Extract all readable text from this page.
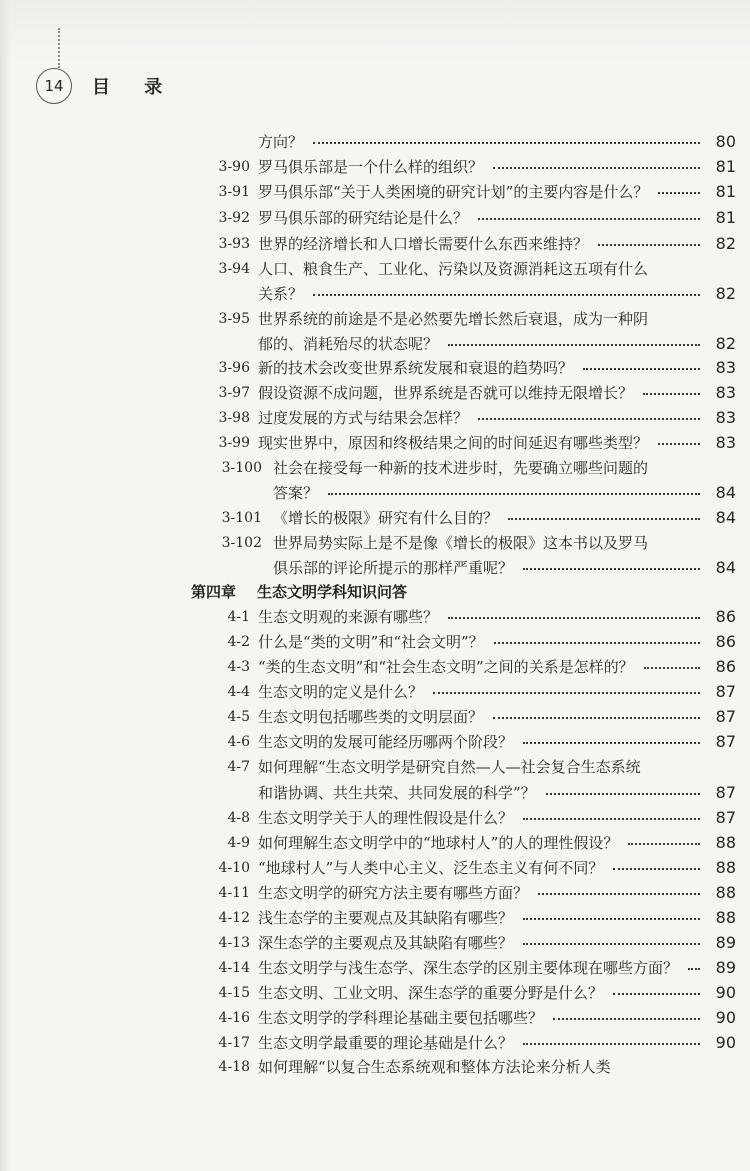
14 目 录
方向？	80
3-90 罗马俱乐部是一个什么样的组织？	81
3-91 罗马俱乐部“关于人类困境的研究计划”的主要内容是什么？	81
3-92 罗马俱乐部的研究结论是什么？	81
3-93 世界的经济增长和人口增长需要什么东西来维持？	82
3-94 人口、粮食生产、工业化、污染以及资源消耗这五项有什么
关系？	82
3-95 世界系统的前途是不是必然要先增长然后衰退，成为一种阴
郁的、消耗殆尽的状态呢？	82
3-96 新的技术会改变世界系统发展和衰退的趋势吗？	83
3-97 假设资源不成问题，世界系统是否就可以维持无限增长？	83
3-98 过度发展的方式与结果会怎样？	83
3-99 现实世界中，原因和终极结果之间的时间延迟有哪些类型？	83
3-100 社会在接受每一种新的技术进步时，先要确立哪些问题的
答案？	84
3-101 《增长的极限》研究有什么目的？	84
3-102 世界局势实际上是不是像《增长的极限》这本书以及罗马
俱乐部的评论所提示的那样严重呢？	84
第四章 生态文明学科知识问答
4-1 生态文明观的来源有哪些？	86
4-2 什么是“类的文明”和“社会文明”？	86
4-3 “类的生态文明”和“社会生态文明”之间的关系是怎样的？	86
4-4 生态文明的定义是什么？	87
4-5 生态文明包括哪些类的文明层面？	87
4-6 生态文明的发展可能经历哪两个阶段？	87
4-7 如何理解“生态文明学是研究自然—人—社会复合生态系统
和谐协调、共生共荣、共同发展的科学”？	87
4-8 生态文明学关于人的理性假设是什么？	87
4-9 如何理解生态文明学中的“地球村人”的人的理性假设？	88
4-10 “地球村人”与人类中心主义、泛生态主义有何不同？	88
4-11 生态文明学的研究方法主要有哪些方面？	88
4-12 浅生态学的主要观点及其缺陷有哪些？	88
4-13 深生态学的主要观点及其缺陷有哪些？	89
4-14 生态文明学与浅生态学、深生态学的区别主要体现在哪些方面？	89
4-15 生态文明、工业文明、深生态学的重要分野是什么？	90
4-16 生态文明学的学科理论基础主要包括哪些？	90
4-17 生态文明学最重要的理论基础是什么？	90
4-18 如何理解“以复合生态系统观和整体方法论来分析人类
